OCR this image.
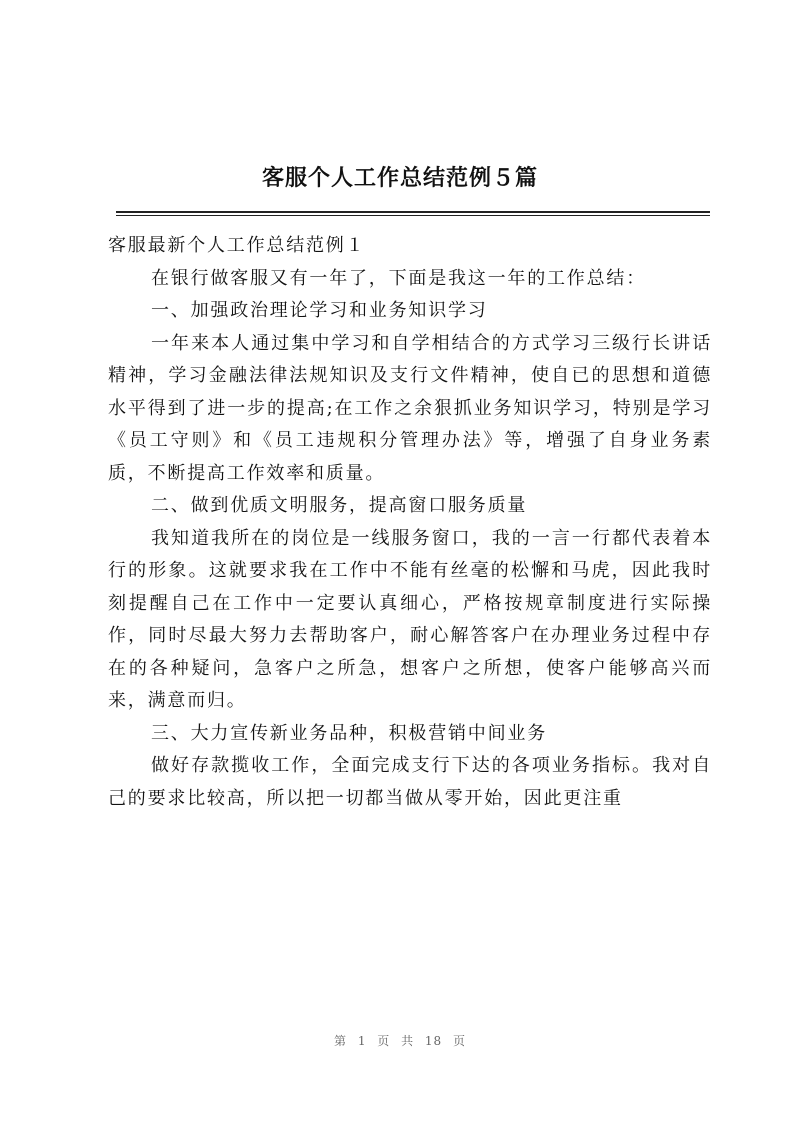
客服个人工作总结范例５篇

客服最新个人工作总结范例１

在银行做客服又有一年了，下面是我这一年的工作总结：

一、加强政治理论学习和业务知识学习

一年来本人通过集中学习和自学相结合的方式学习三级行长讲话精神，学习金融法律法规知识及支行文件精神，使自已的思想和道德水平得到了进一步的提高;在工作之余狠抓业务知识学习，特别是学习《员工守则》和《员工违规积分管理办法》等，增强了自身业务素质，不断提高工作效率和质量。

二、做到优质文明服务，提高窗口服务质量

我知道我所在的岗位是一线服务窗口，我的一言一行都代表着本行的形象。这就要求我在工作中不能有丝毫的松懈和马虎，因此我时刻提醒自己在工作中一定要认真细心，严格按规章制度进行实际操作，同时尽最大努力去帮助客户，耐心解答客户在办理业务过程中存在的各种疑问，急客户之所急，想客户之所想，使客户能够高兴而来，满意而归。

三、大力宣传新业务品种，积极营销中间业务

做好存款揽收工作，全面完成支行下达的各项业务指标。我对自己的要求比较高，所以把一切都当做从零开始，因此更注重

第 1 页 共 18 页
